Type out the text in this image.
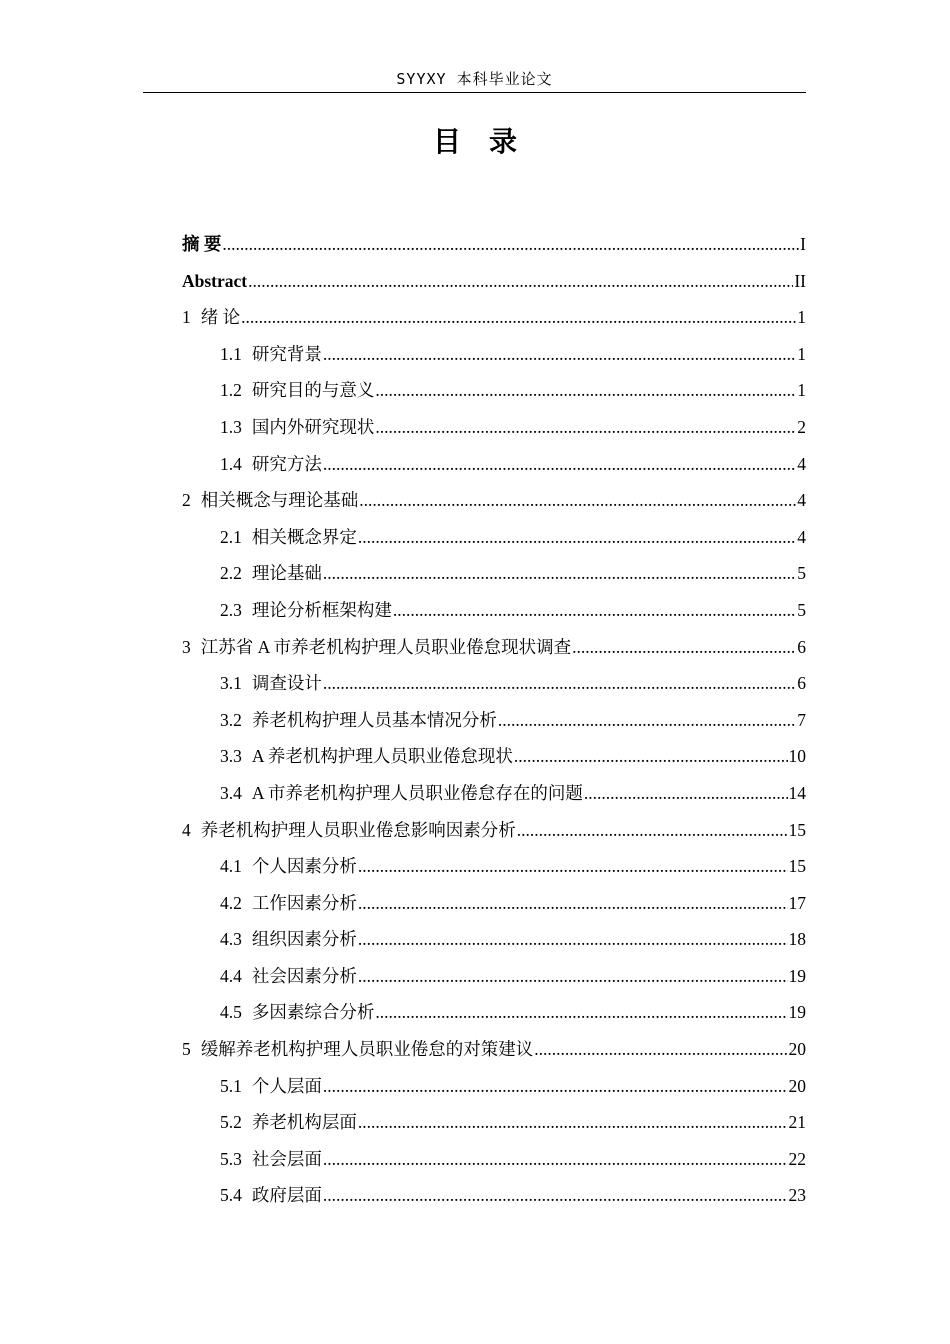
SYYXY 本科毕业论文
目录
摘 要 .....	I
Abstract .....	II
1 绪 论 .....	1
1.1 研究背景 .....	1
1.2 研究目的与意义 .....	1
1.3 国内外研究现状 .....	2
1.4 研究方法 .....	4
2 相关概念与理论基础 .....	4
2.1 相关概念界定 .....	4
2.2 理论基础 .....	5
2.3 理论分析框架构建 .....	5
3 江苏省 A 市养老机构护理人员职业倦怠现状调查 .....	6
3.1 调查设计 .....	6
3.2 养老机构护理人员基本情况分析 .....	7
3.3 A 养老机构护理人员职业倦怠现状 .....	10
3.4 A 市养老机构护理人员职业倦怠存在的问题 .....	14
4 养老机构护理人员职业倦怠影响因素分析 .....	15
4.1 个人因素分析 .....	15
4.2 工作因素分析 .....	17
4.3 组织因素分析 .....	18
4.4 社会因素分析 .....	19
4.5 多因素综合分析 .....	19
5 缓解养老机构护理人员职业倦怠的对策建议 .....	20
5.1 个人层面 .....	20
5.2 养老机构层面 .....	21
5.3 社会层面 .....	22
5.4 政府层面 .....	23
